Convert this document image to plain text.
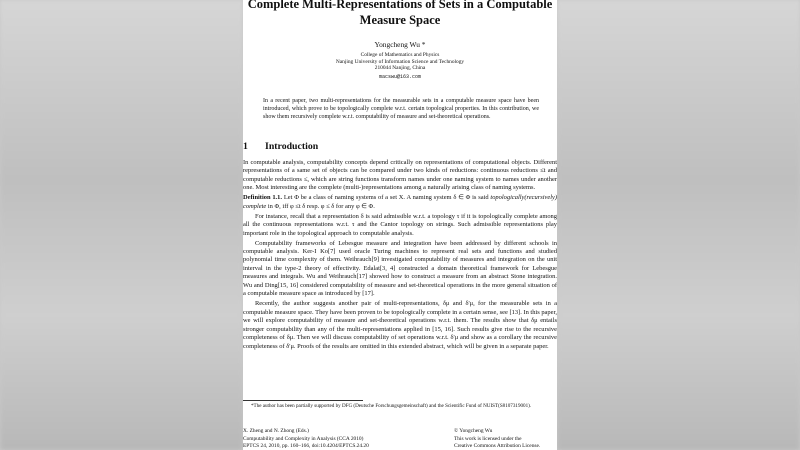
Complete Multi-Representations of Sets in a Computable
Measure Space
Yongcheng Wu *
College of Mathematics and Physics
Nanjing University of Information Science and Technology
210044 Nanjing, China
macswu@163.com
In a recent paper, two multi-representations for the measurable sets in a computable measure space have been introduced, which prove to be topologically complete w.r.t. certain topological properties. In this contribution, we show them recursively complete w.r.t. computability of measure and set-theoretical operations.
1 Introduction

In computable analysis, computability concepts depend critically on representations of computational objects. Different representations of a same set of objects can be compared under two kinds of reductions: continuous reductions ≤t and computable reductions ≤, which are string functions transform names under one naming system to names under another one. Most interesting are the complete (multi-)representations among a naturally arising class of naming systems.

Definition 1.1. Let Φ be a class of naming systems of a set X. A naming system δ ∈ Φ is said topologically(recursively) complete in Φ, iff φ ≤t δ resp. φ ≤ δ for any φ ∈ Φ.

For instance, recall that a representation δ is said admissible w.r.t. a topology τ if it is topologically complete among all the continuous representations w.r.t. τ and the Cantor topology on strings. Such admissible representations play important role in the topological approach to computable analysis.

Computability frameworks of Lebesgue measure and integration have been addressed by different schools in computable analysis. Ker-I Ko[7] used oracle Turing machines to represent real sets and functions and studied polynomial time complexity of them. Weihrauch[9] investigated computability of measures and integration on the unit interval in the type-2 theory of effectivity. Edalat[3, 4] constructed a domain theoretical framework for Lebesgue measures and integrals. Wu and Weihrauch[17] showed how to construct a measure from an abstract Stone integration. Wu and Ding[15, 16] considered computability of measure and set-theoretical operations in the more general situation of a computable measure space as introduced by [17].

Recently, the author suggests another pair of multi-representations, δμ and δ'μ, for the measurable sets in a computable measure space. They have been proven to be topologically complete in a certain sense, see [13]. In this paper, we will explore computability of measure and set-theoretical operations w.r.t. them. The results show that δμ entails stronger computability than any of the multi-representations applied in [15, 16]. Such results give rise to the recursive completeness of δμ. Then we will discuss computability of set operations w.r.t. δ'μ and show as a corollary the recursive completeness of δ'μ. Proofs of the results are omitted in this extended abstract, which will be given in a separate paper.

*The author has been partially supported by DFG (Deutsche Forschungsgemeinschaft) and the Scientific Fund of NUIST(S8107319001).
X. Zheng and N. Zhong (Eds.)
Computability and Complexity in Analysis (CCA 2010)
EPTCS 24, 2010, pp. 160–166, doi:10.4204/EPTCS.24.20
© Yongcheng Wu
This work is licensed under the
Creative Commons Attribution License.
